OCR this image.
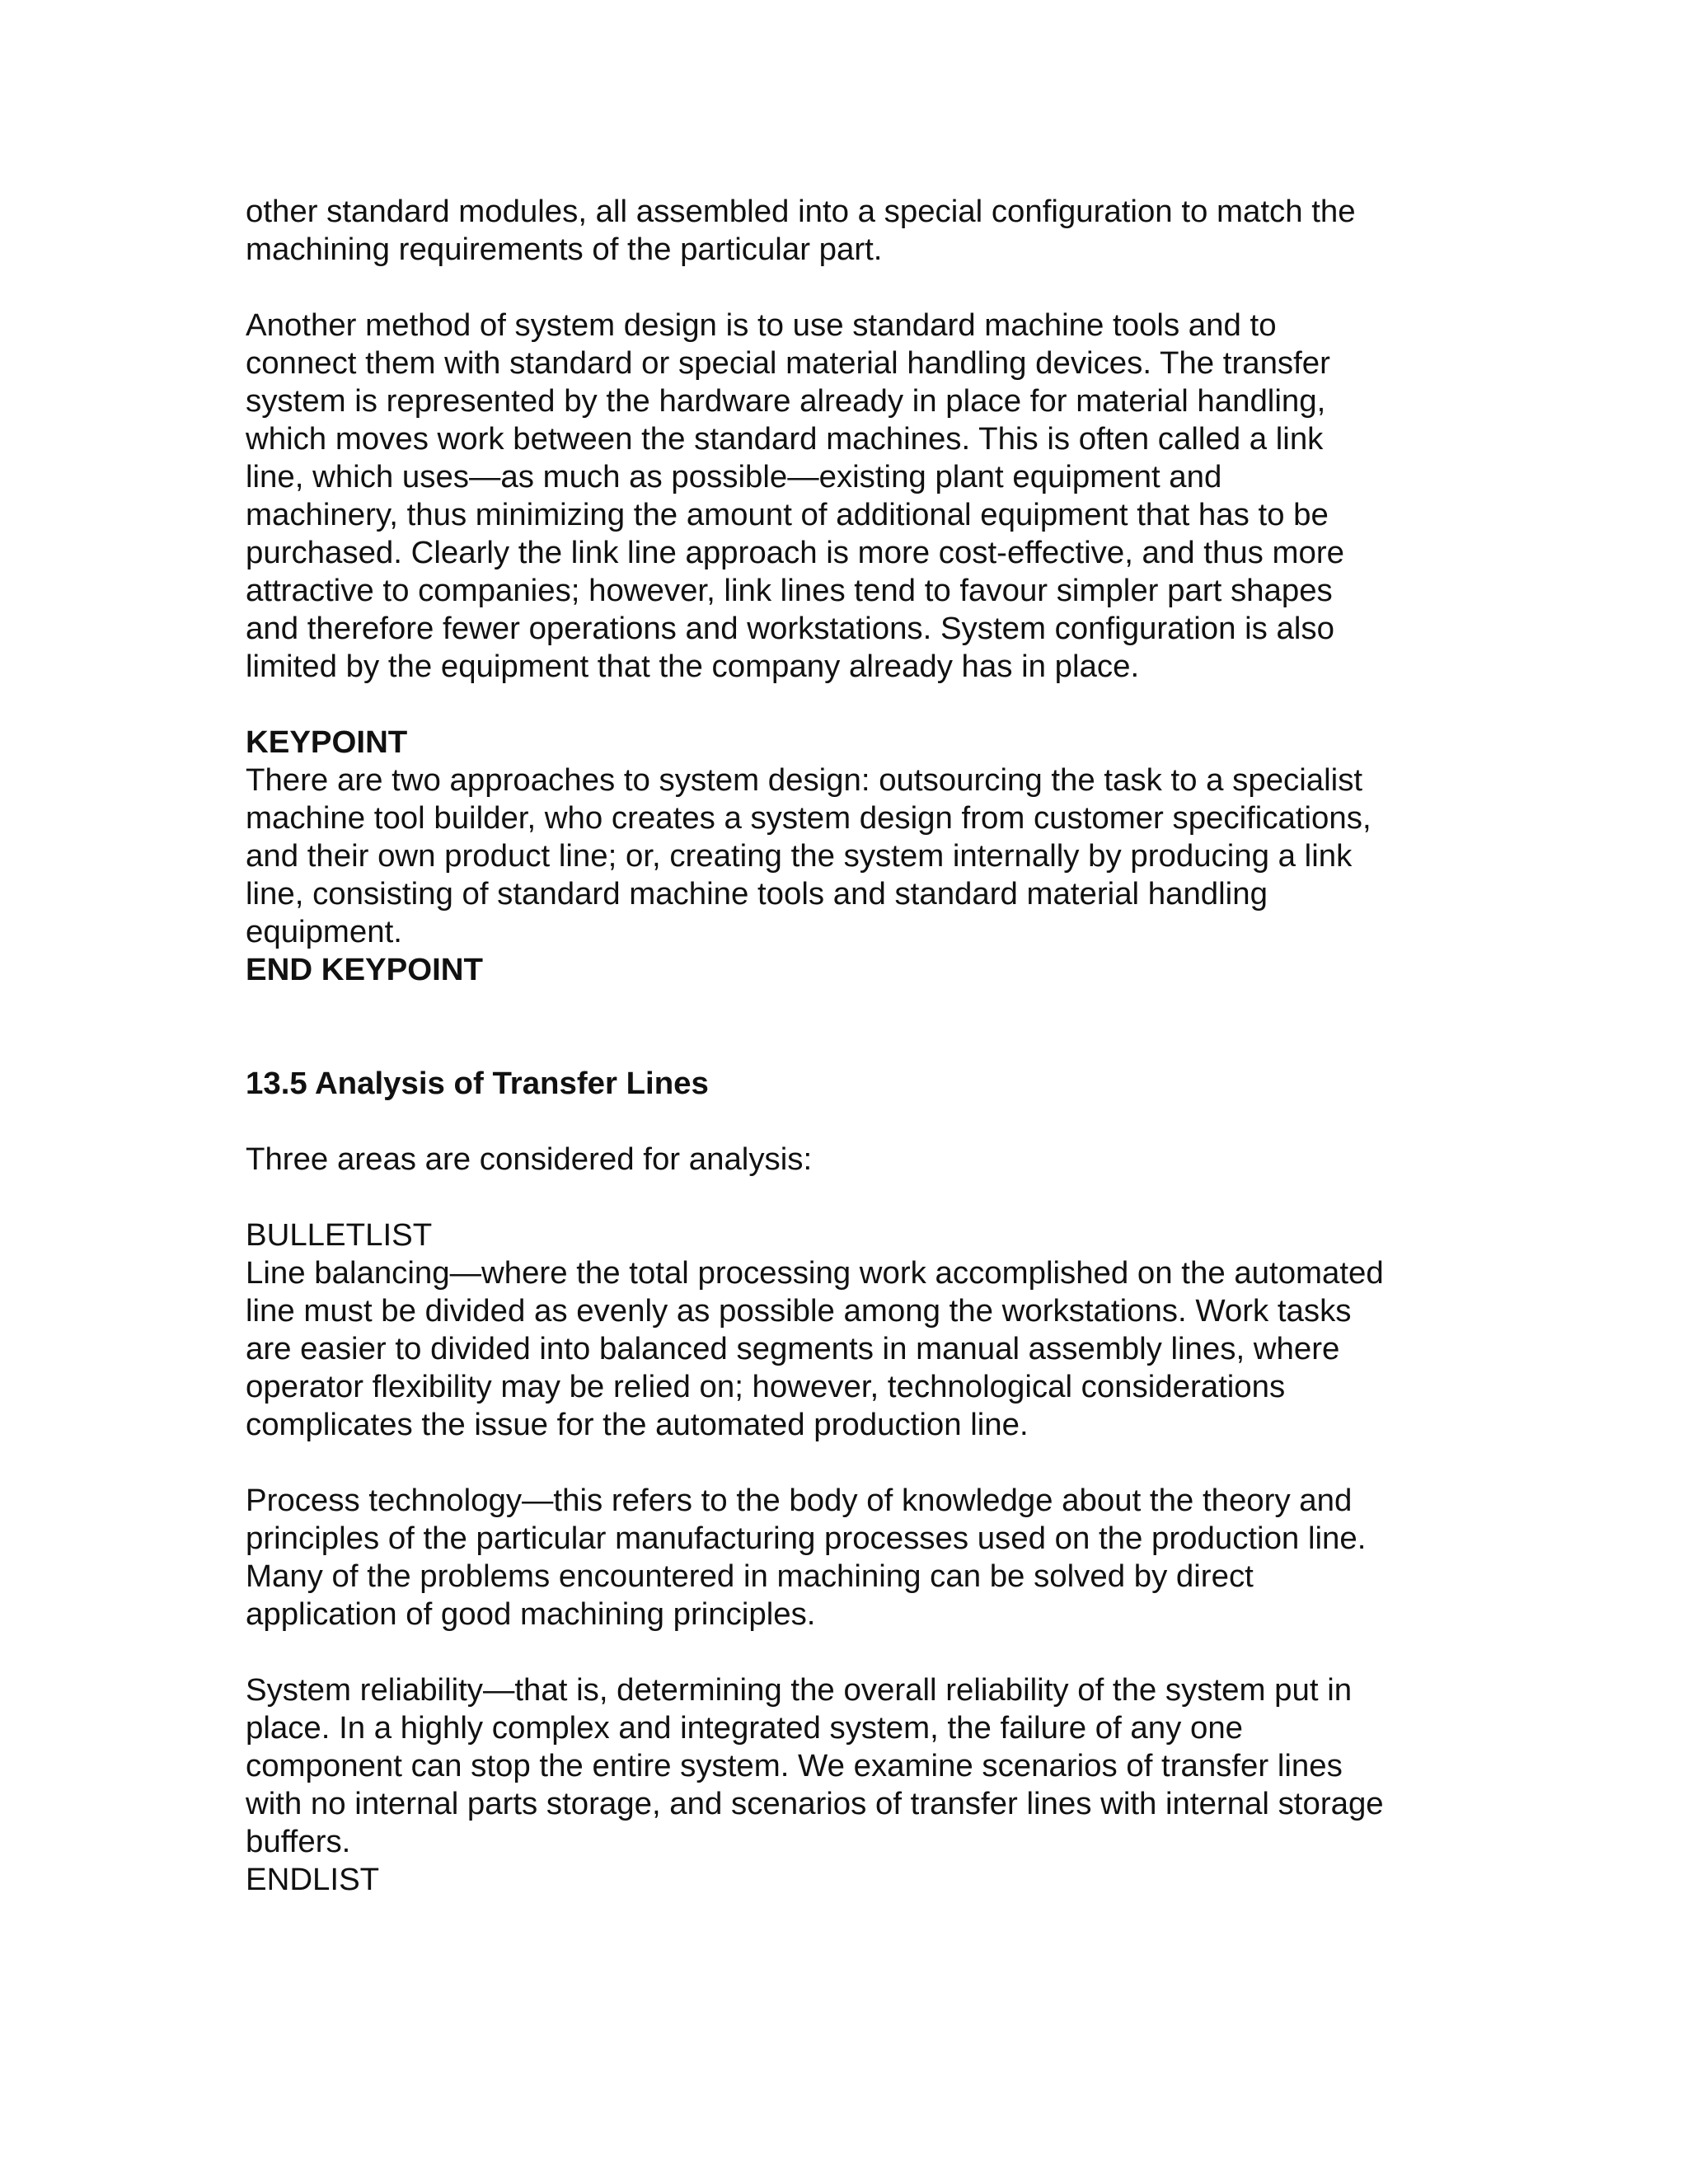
other standard modules, all assembled into a special configuration to match the
machining requirements of the particular part.
Another method of system design is to use standard machine tools and to
connect them with standard or special material handling devices. The transfer
system is represented by the hardware already in place for material handling,
which moves work between the standard machines. This is often called a link
line, which uses—as much as possible—existing plant equipment and
machinery, thus minimizing the amount of additional equipment that has to be
purchased. Clearly the link line approach is more cost-effective, and thus more
attractive to companies; however, link lines tend to favour simpler part shapes
and therefore fewer operations and workstations. System configuration is also
limited by the equipment that the company already has in place.
KEYPOINT
There are two approaches to system design: outsourcing the task to a specialist
machine tool builder, who creates a system design from customer specifications,
and their own product line; or, creating the system internally by producing a link
line, consisting of standard machine tools and standard material handling
equipment.
END KEYPOINT
13.5 Analysis of Transfer Lines
Three areas are considered for analysis:
BULLETLIST
Line balancing—where the total processing work accomplished on the automated
line must be divided as evenly as possible among the workstations. Work tasks
are easier to divided into balanced segments in manual assembly lines, where
operator flexibility may be relied on; however, technological considerations
complicates the issue for the automated production line.
Process technology—this refers to the body of knowledge about the theory and
principles of the particular manufacturing processes used on the production line.
Many of the problems encountered in machining can be solved by direct
application of good machining principles.
System reliability—that is, determining the overall reliability of the system put in
place. In a highly complex and integrated system, the failure of any one
component can stop the entire system. We examine scenarios of transfer lines
with no internal parts storage, and scenarios of transfer lines with internal storage
buffers.
ENDLIST
